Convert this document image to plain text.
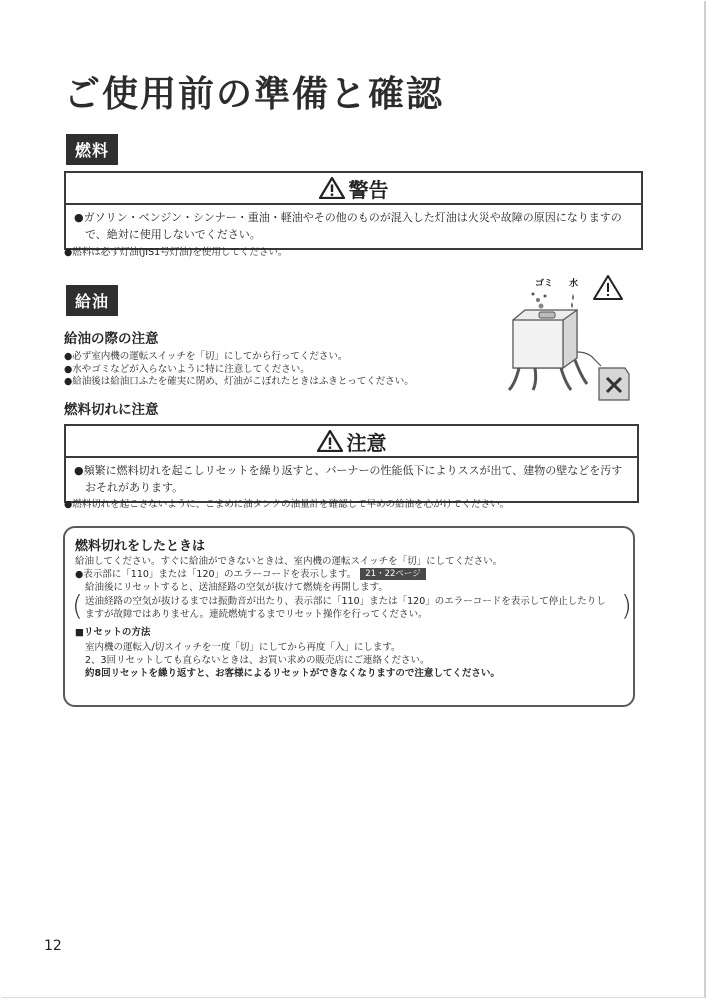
ご使用前の準備と確認
燃料
警告
●ガソリン・ベンジン・シンナー・重油・軽油やその他のものが混入した灯油は火災や故障の原因になりますの
　で、絶対に使用しないでください。
●燃料は必ず灯油(JIS1号灯油)を使用してください。
給油
ゴミ 水
給油の際の注意
●必ず室内機の運転スイッチを「切」にしてから行ってください。
●水やゴミなどが入らないように特に注意してください。
●給油後は給油口ふたを確実に閉め、灯油がこぼれたときはふきとってください。
燃料切れに注意
注意
●頻繁に燃料切れを起こしリセットを繰り返すと、バーナーの性能低下によりススが出て、建物の壁などを汚す
　おそれがあります。
●燃料切れを起こさないように、こまめに油タンクの油量計を確認して早めの給油を心がけてください。
燃料切れをしたときは
給油してください。すぐに給油ができないときは、室内機の運転スイッチを「切」にしてください。
●表示部に「110」または「120」のエラーコードを表示します。 21・22ページ
給油後にリセットすると、送油経路の空気が抜けて燃焼を再開します。
( 送油経路の空気が抜けるまでは振動音が出たり、表示部に「110」または「120」のエラーコードを表示して停止したりし
ますが故障ではありません。連続燃焼するまでリセット操作を行ってください。	)
■リセットの方法
室内機の運転入/切スイッチを一度「切」にしてから再度「入」にします。
2、3回リセットしても直らないときは、お買い求めの販売店にご連絡ください。
約8回リセットを繰り返すと、お客様によるリセットができなくなりますので注意してください。
12
